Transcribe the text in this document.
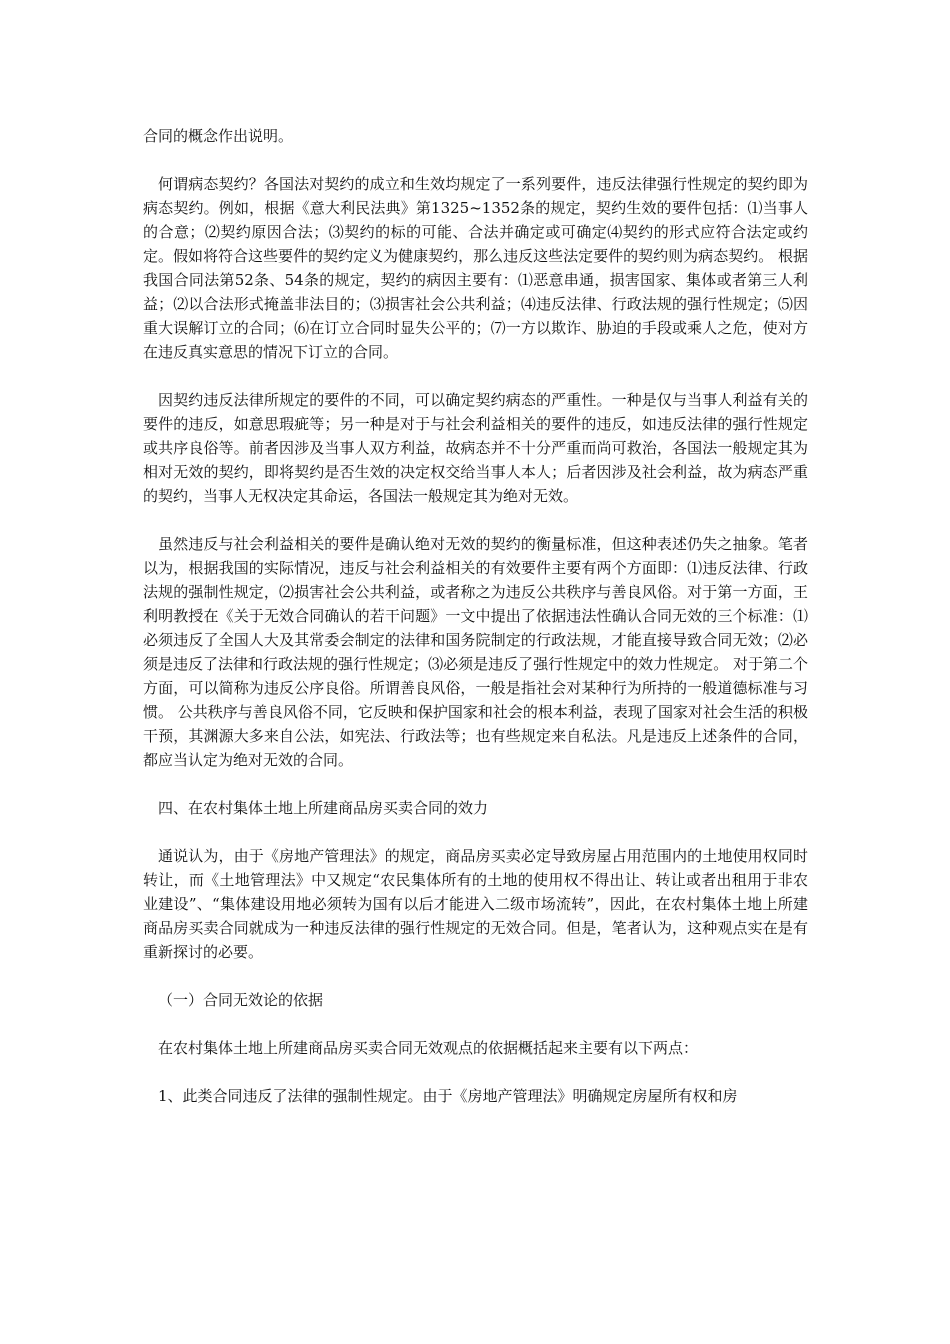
合同的概念作出说明。

何谓病态契约？各国法对契约的成立和生效均规定了一系列要件，违反法律强行性规定的契约即为病态契约。例如，根据《意大利民法典》第1325~1352条的规定，契约生效的要件包括：⑴当事人的合意；⑵契约原因合法；⑶契约的标的可能、合法并确定或可确定⑷契约的形式应符合法定或约定。假如将符合这些要件的契约定义为健康契约，那么违反这些法定要件的契约则为病态契约。 根据我国合同法第52条、54条的规定，契约的病因主要有：⑴恶意串通，损害国家、集体或者第三人利益；⑵以合法形式掩盖非法目的；⑶损害社会公共利益；⑷违反法律、行政法规的强行性规定；⑸因重大误解订立的合同；⑹在订立合同时显失公平的；⑺一方以欺诈、胁迫的手段或乘人之危，使对方在违反真实意思的情况下订立的合同。

因契约违反法律所规定的要件的不同，可以确定契约病态的严重性。一种是仅与当事人利益有关的要件的违反，如意思瑕疵等；另一种是对于与社会利益相关的要件的违反，如违反法律的强行性规定或共序良俗等。前者因涉及当事人双方利益，故病态并不十分严重而尚可救治，各国法一般规定其为相对无效的契约，即将契约是否生效的决定权交给当事人本人；后者因涉及社会利益，故为病态严重的契约，当事人无权决定其命运，各国法一般规定其为绝对无效。

虽然违反与社会利益相关的要件是确认绝对无效的契约的衡量标准，但这种表述仍失之抽象。笔者以为，根据我国的实际情况，违反与社会利益相关的有效要件主要有两个方面即：⑴违反法律、行政法规的强制性规定，⑵损害社会公共利益，或者称之为违反公共秩序与善良风俗。对于第一方面，王利明教授在《关于无效合同确认的若干问题》一文中提出了依据违法性确认合同无效的三个标准：⑴必须违反了全国人大及其常委会制定的法律和国务院制定的行政法规，才能直接导致合同无效；⑵必须是违反了法律和行政法规的强行性规定；⑶必须是违反了强行性规定中的效力性规定。 对于第二个方面，可以简称为违反公序良俗。所谓善良风俗，一般是指社会对某种行为所持的一般道德标准与习惯。 公共秩序与善良风俗不同，它反映和保护国家和社会的根本利益，表现了国家对社会生活的积极干预，其渊源大多来自公法，如宪法、行政法等；也有些规定来自私法。凡是违反上述条件的合同，都应当认定为绝对无效的合同。

四、在农村集体土地上所建商品房买卖合同的效力

通说认为，由于《房地产管理法》的规定，商品房买卖必定导致房屋占用范围内的土地使用权同时转让，而《土地管理法》中又规定“农民集体所有的土地的使用权不得出让、转让或者出租用于非农业建设”、“集体建设用地必须转为国有以后才能进入二级市场流转”，因此，在农村集体土地上所建商品房买卖合同就成为一种违反法律的强行性规定的无效合同。但是，笔者认为，这种观点实在是有重新探讨的必要。

（一）合同无效论的依据

在农村集体土地上所建商品房买卖合同无效观点的依据概括起来主要有以下两点：

1、此类合同违反了法律的强制性规定。由于《房地产管理法》明确规定房屋所有权和房
